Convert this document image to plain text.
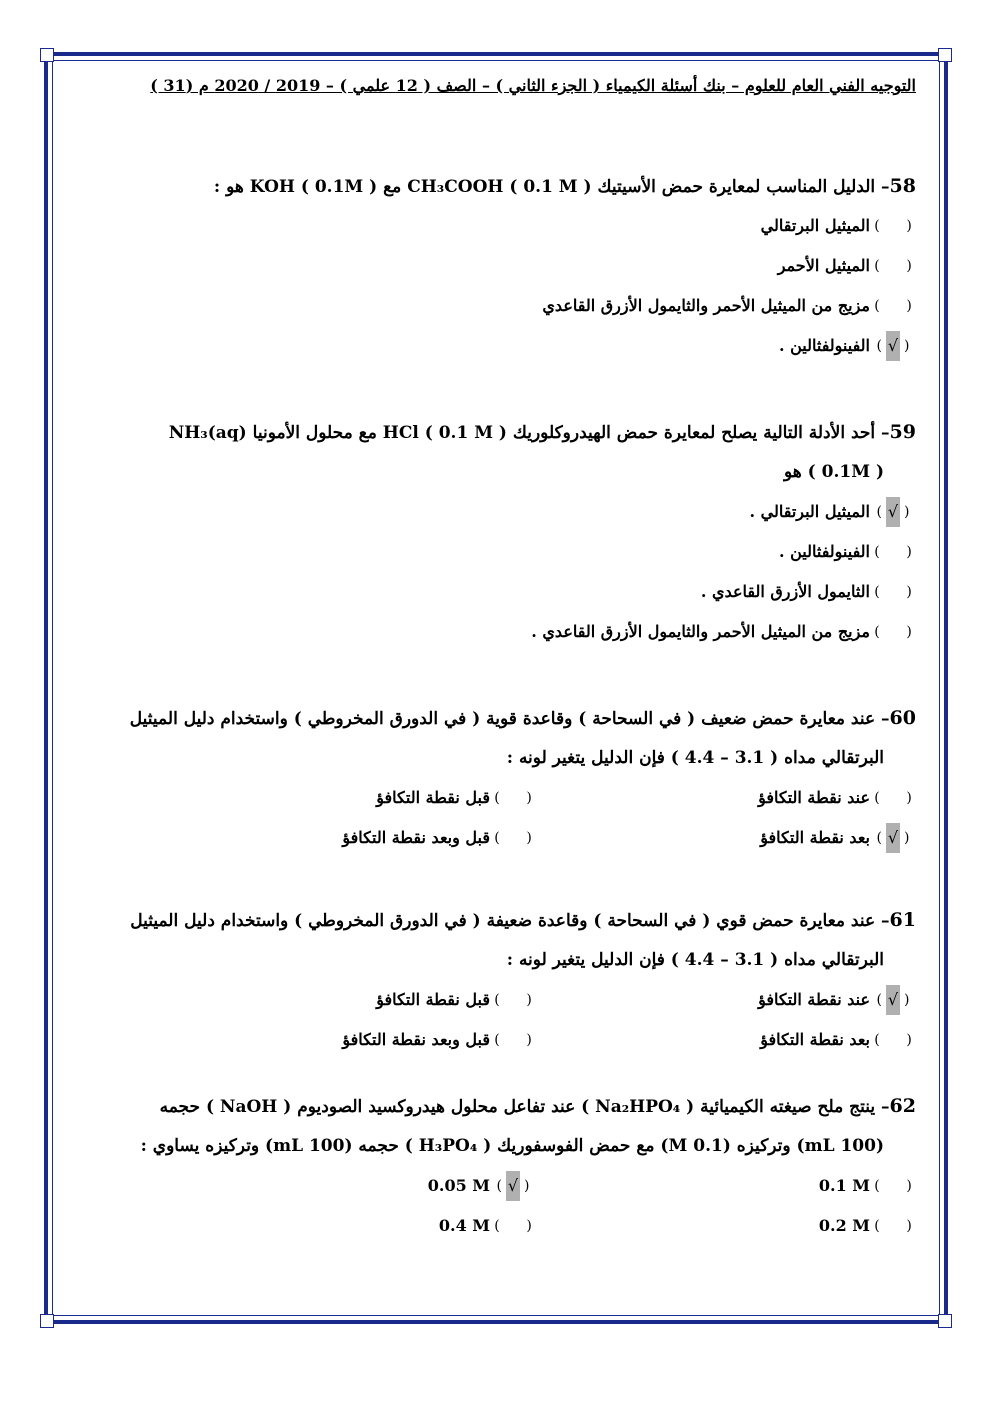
التوجيه الفني العام للعلوم – بنك أسئلة الكيمياء ( الجزء الثاني ) – الصف ( 12 علمي ) – 2019 / 2020 م (31 )
58– الدليل المناسب لمعايرة حمض الأسيتيك CH₃COOH ( 0.1 M ) مع KOH ( 0.1M ) هو :
(      )
الميثيل البرتقالي
(      )
الميثيل الأحمر
(      )
مزيج من الميثيل الأحمر والثايمول الأزرق القاعدي
(√)
الفينولفثالين .
59– أحد الأدلة التالية يصلح لمعايرة حمض الهيدروكلوريك HCl ( 0.1 M ) مع محلول الأمونيا NH₃(aq)
( 0.1M ) هو
(√)
الميثيل البرتقالي .
(      )
الفينولفثالين .
(      )
الثايمول الأزرق القاعدي .
(      )
مزيج من الميثيل الأحمر والثايمول الأزرق القاعدي .
60– عند معايرة حمض ضعيف ( في السحاحة ) وقاعدة قوية ( في الدورق المخروطي ) واستخدام دليل الميثيل
البرتقالي مداه ( 3.1 – 4.4 ) فإن الدليل يتغير لونه :
(      )
عند نقطة التكافؤ
(      )
قبل نقطة التكافؤ
(√)
بعد نقطة التكافؤ
(      )
قبل وبعد نقطة التكافؤ
61– عند معايرة حمض قوي ( في السحاحة ) وقاعدة ضعيفة ( في الدورق المخروطي ) واستخدام دليل الميثيل
البرتقالي مداه ( 3.1 – 4.4 ) فإن الدليل يتغير لونه :
(√)
عند نقطة التكافؤ
(      )
قبل نقطة التكافؤ
(      )
بعد نقطة التكافؤ
(      )
قبل وبعد نقطة التكافؤ
62– ينتج ملح صيغته الكيميائية ( Na₂HPO₄ ) عند تفاعل محلول هيدروكسيد الصوديوم ( NaOH ) حجمه
(100 mL) وتركيزه (0.1 M) مع حمض الفوسفوريك ( H₃PO₄ ) حجمه (100 mL) وتركيزه يساوي :
(      )
0.1 M
(√)
0.05 M
(      )
0.2 M
(      )
0.4 M
